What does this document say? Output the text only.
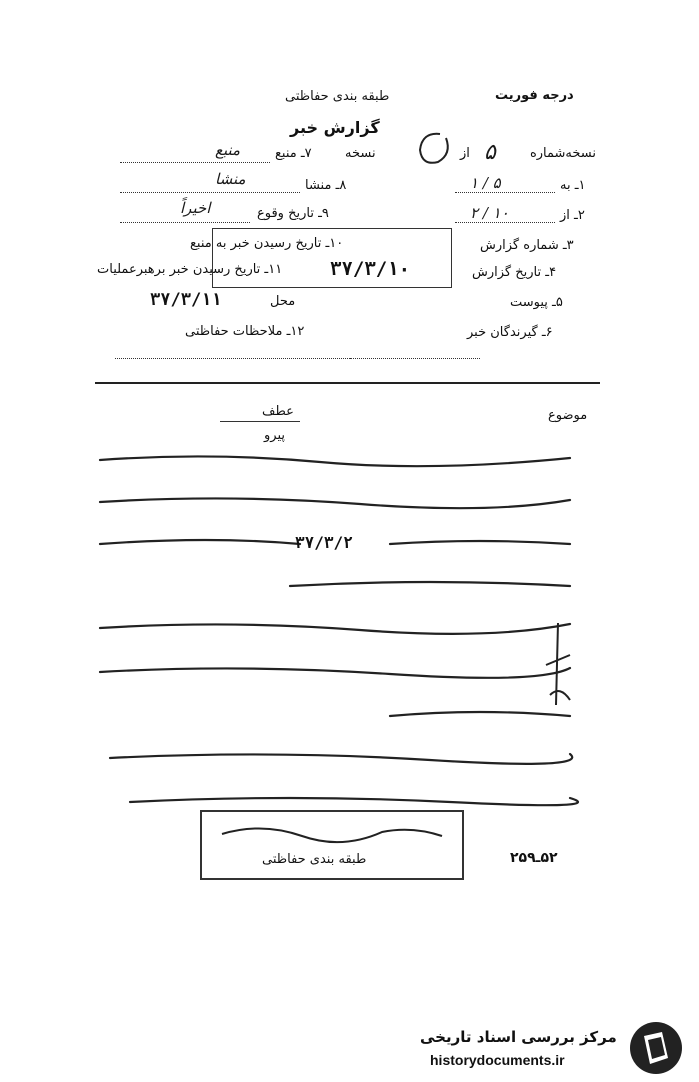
درجه فوریت
طبقه بندی حفاظتی
گزارش خبر
نسخه‌شماره
۵
از
نسخه
۱ـ به
۱ / ۵
۲ـ از
۲ / ۱۰
۳ـ شماره گزارش
۴ـ تاریخ گزارش
۵ـ پیوست
۶ـ گیرندگان خبر
۷ـ منبع
منبع
۸ـ منشا
منشا
۹ـ تاریخ وقوع
اخیراً
۱۰ـ تاریخ رسیدن خبر به منبع
۱۱ـ تاریخ رسیدن خبر برهبرعملیات	۳۷/۳/۱۰
محل
۳۷/۳/۱۱
۱۲ـ ملاحظات حفاظتی
موضوع
عطف
پیرو
۳۷/۳/۲
طبقه بندی حفاظتی	۵۲ـ۲۵۹
مرکز بررسی اسناد تاریخی
historydocuments.ir
